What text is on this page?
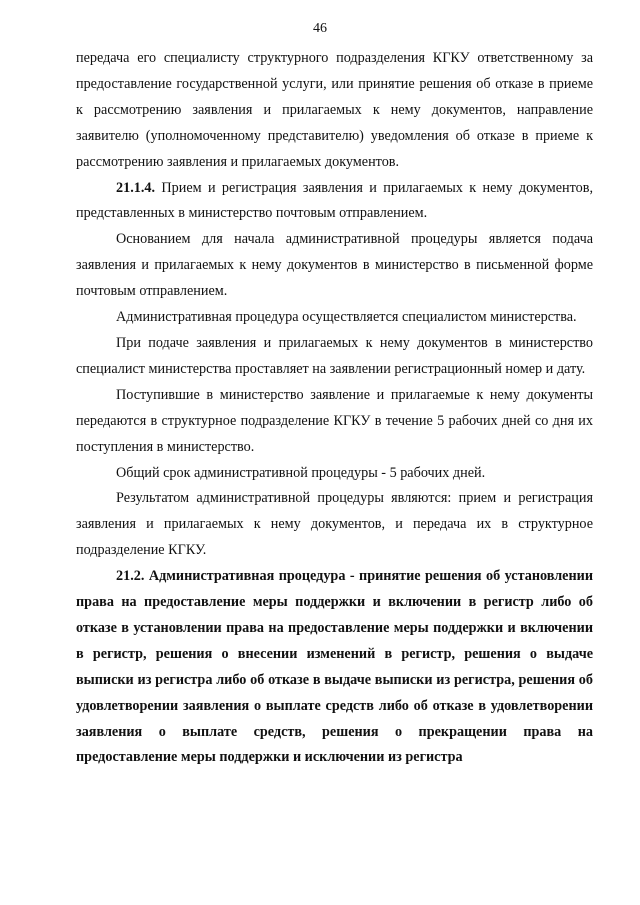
46

передача его специалисту структурного подразделения КГКУ ответственному за предоставление государственной услуги, или принятие решения об отказе в приеме к рассмотрению заявления и прилагаемых к нему документов, направление заявителю (уполномоченному представителю) уведомления об отказе в приеме к рассмотрению заявления и прилагаемых документов.

21.1.4. Прием и регистрация заявления и прилагаемых к нему документов, представленных в министерство почтовым отправлением.

Основанием для начала административной процедуры является подача заявления и прилагаемых к нему документов в министерство в письменной форме почтовым отправлением.

Административная процедура осуществляется специалистом министерства.

При подаче заявления и прилагаемых к нему документов в министерство специалист министерства проставляет на заявлении регистрационный номер и дату.

Поступившие в министерство заявление и прилагаемые к нему документы передаются в структурное подразделение КГКУ в течение 5 рабочих дней со дня их поступления в министерство.

Общий срок административной процедуры - 5 рабочих дней.

Результатом административной процедуры являются: прием и регистрация заявления и прилагаемых к нему документов, и передача их в структурное подразделение КГКУ.

21.2. Административная процедура - принятие решения об установлении права на предоставление меры поддержки и включении в регистр либо об отказе в установлении права на предоставление меры поддержки и включении в регистр, решения о внесении изменений в регистр, решения о выдаче выписки из регистра либо об отказе в выдаче выписки из регистра, решения об удовлетворении заявления о выплате средств либо об отказе в удовлетворении заявления о выплате средств, решения о прекращении права на предоставление меры поддержки и исключении из регистра
